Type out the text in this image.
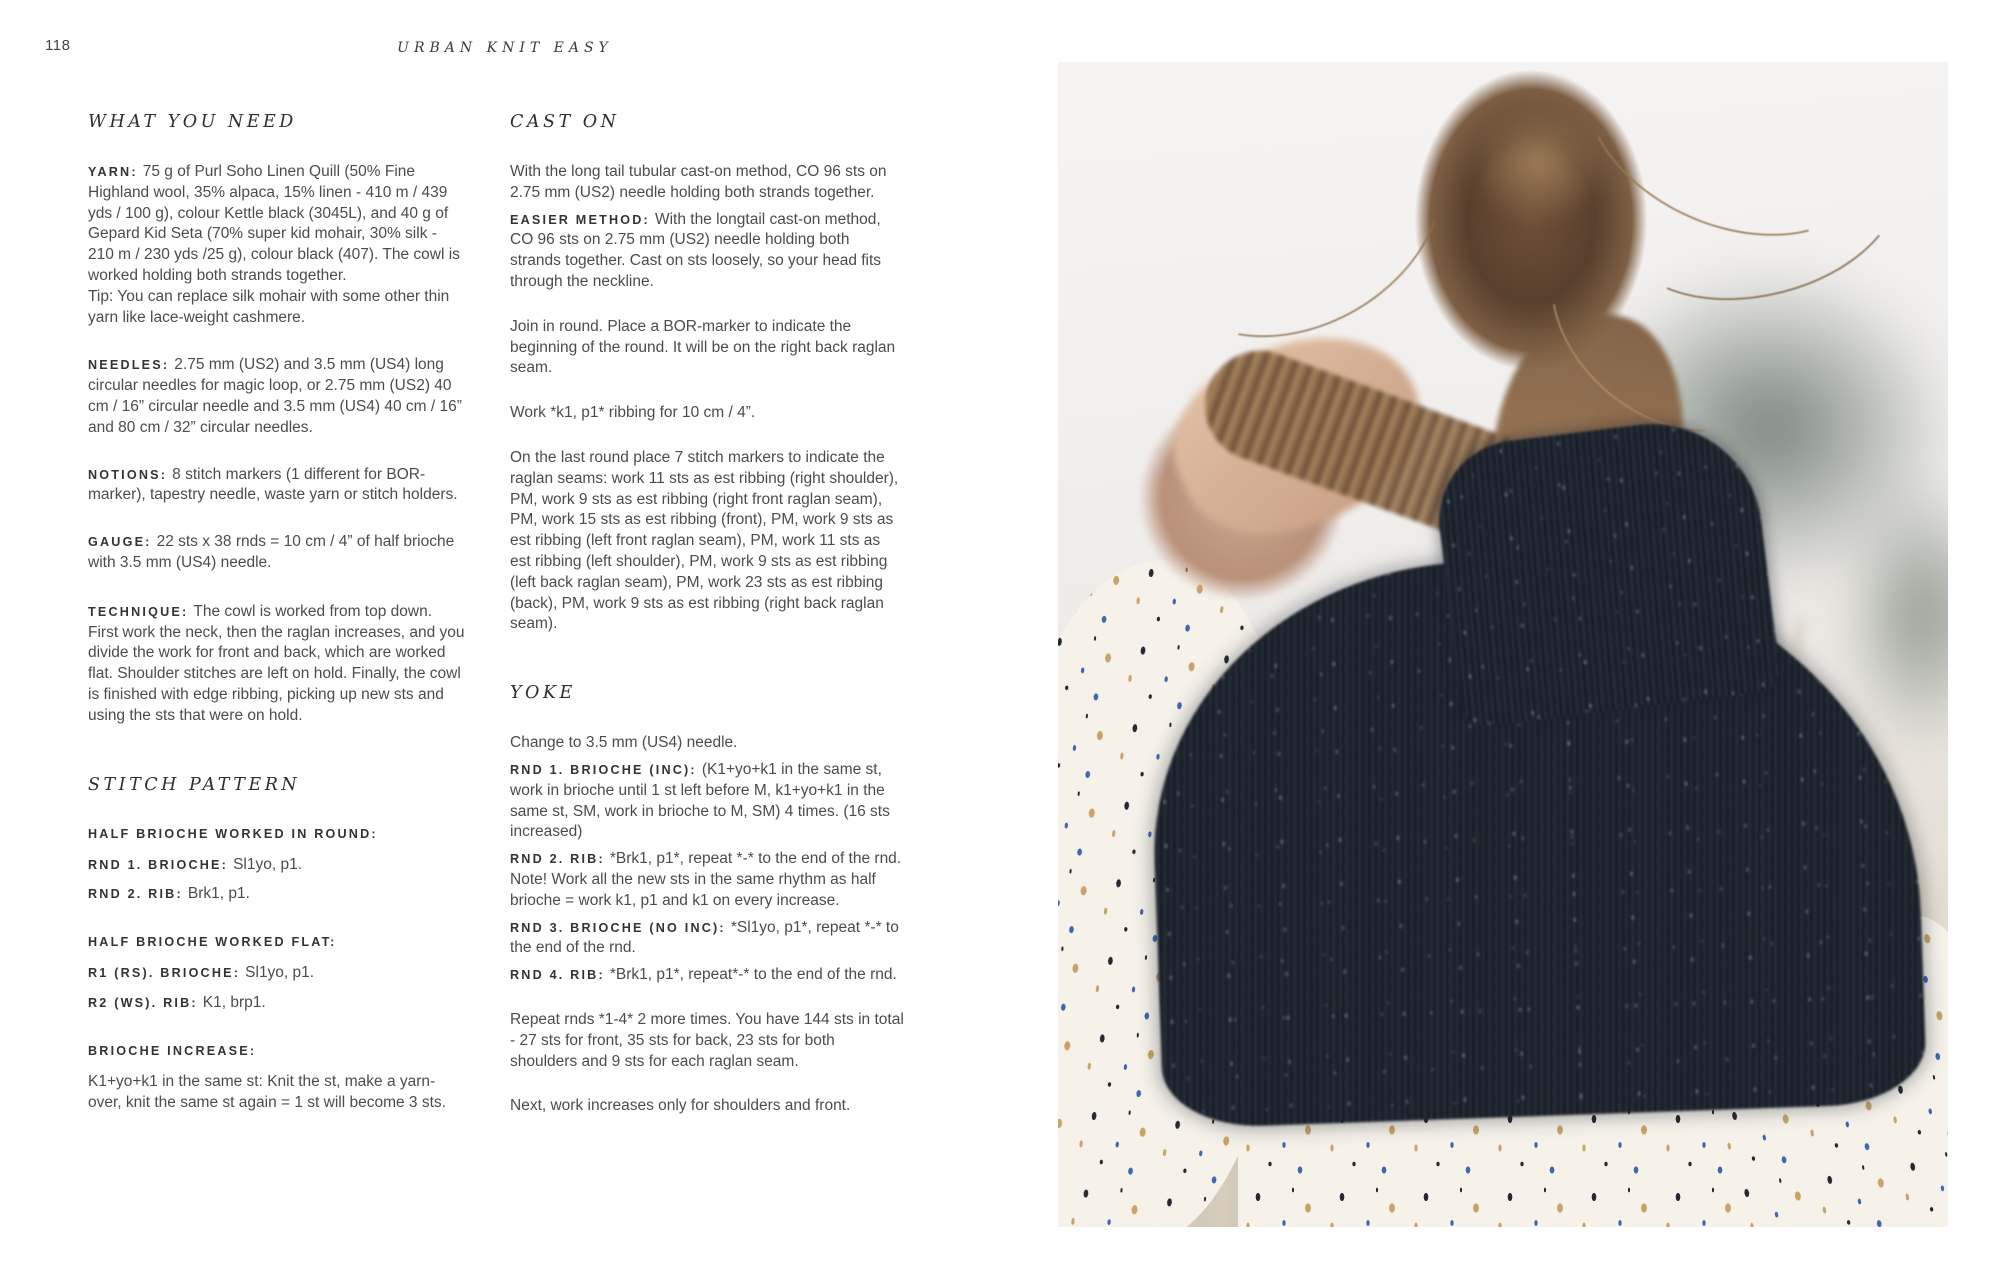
118	URBAN KNIT EASY
WHAT YOU NEED

YARN: 75 g of Purl Soho Linen Quill (50% Fine Highland wool, 35% alpaca, 15% linen - 410 m / 439 yds / 100 g), colour Kettle black (3045L), and 40 g of Gepard Kid Seta (70% super kid mohair, 30% silk - 210 m / 230 yds /25 g), colour black (407). The cowl is worked holding both strands together.

Tip: You can replace silk mohair with some other thin yarn like lace-weight cashmere.

NEEDLES: 2.75 mm (US2) and 3.5 mm (US4) long circular needles for magic loop, or 2.75 mm (US2) 40 cm / 16” circular needle and 3.5 mm (US4) 40 cm / 16” and 80 cm / 32” circular needles.

NOTIONS: 8 stitch markers (1 different for BOR-marker), tapestry needle, waste yarn or stitch holders.

GAUGE: 22 sts x 38 rnds = 10 cm / 4” of half brioche with 3.5 mm (US4) needle.

TECHNIQUE: The cowl is worked from top down. First work the neck, then the raglan increases, and you divide the work for front and back, which are worked flat. Shoulder stitches are left on hold. Finally, the cowl is finished with edge ribbing, picking up new sts and using the sts that were on hold.

STITCH PATTERN
HALF BRIOCHE WORKED IN ROUND:

RND 1. BRIOCHE: Sl1yo, p1.

RND 2. RIB: Brk1, p1.

HALF BRIOCHE WORKED FLAT:

R1 (RS). BRIOCHE: Sl1yo, p1.

R2 (WS). RIB: K1, brp1.

BRIOCHE INCREASE:

K1+yo+k1 in the same st: Knit the st, make a yarn-over, knit the same st again = 1 st will become 3 sts.

CAST ON

With the long tail tubular cast-on method, CO 96 sts on 2.75 mm (US2) needle holding both strands together.

EASIER METHOD: With the longtail cast-on method, CO 96 sts on 2.75 mm (US2) needle holding both strands together. Cast on sts loosely, so your head fits through the neckline.

Join in round. Place a BOR-marker to indicate the beginning of the round. It will be on the right back raglan seam.

Work *k1, p1* ribbing for 10 cm / 4”.

On the last round place 7 stitch markers to indicate the raglan seams: work 11 sts as est ribbing (right shoulder), PM, work 9 sts as est ribbing (right front raglan seam), PM, work 15 sts as est ribbing (front), PM, work 9 sts as est ribbing (left front raglan seam), PM, work 11 sts as est ribbing (left shoulder), PM, work 9 sts as est ribbing (left back raglan seam), PM, work 23 sts as est ribbing (back), PM, work 9 sts as est ribbing (right back raglan seam).

YOKE

Change to 3.5 mm (US4) needle.

RND 1. BRIOCHE (INC): (K1+yo+k1 in the same st, work in brioche until 1 st left before M, k1+yo+k1 in the same st, SM, work in brioche to M, SM) 4 times. (16 sts increased)

RND 2. RIB: *Brk1, p1*, repeat *-* to the end of the rnd. Note! Work all the new sts in the same rhythm as half brioche = work k1, p1 and k1 on every increase.

RND 3. BRIOCHE (NO INC): *Sl1yo, p1*, repeat *-* to the end of the rnd.

RND 4. RIB: *Brk1, p1*, repeat*-* to the end of the rnd.

Repeat rnds *1-4* 2 more times. You have 144 sts in total - 27 sts for front, 35 sts for back, 23 sts for both shoulders and 9 sts for each raglan seam.

Next, work increases only for shoulders and front.
